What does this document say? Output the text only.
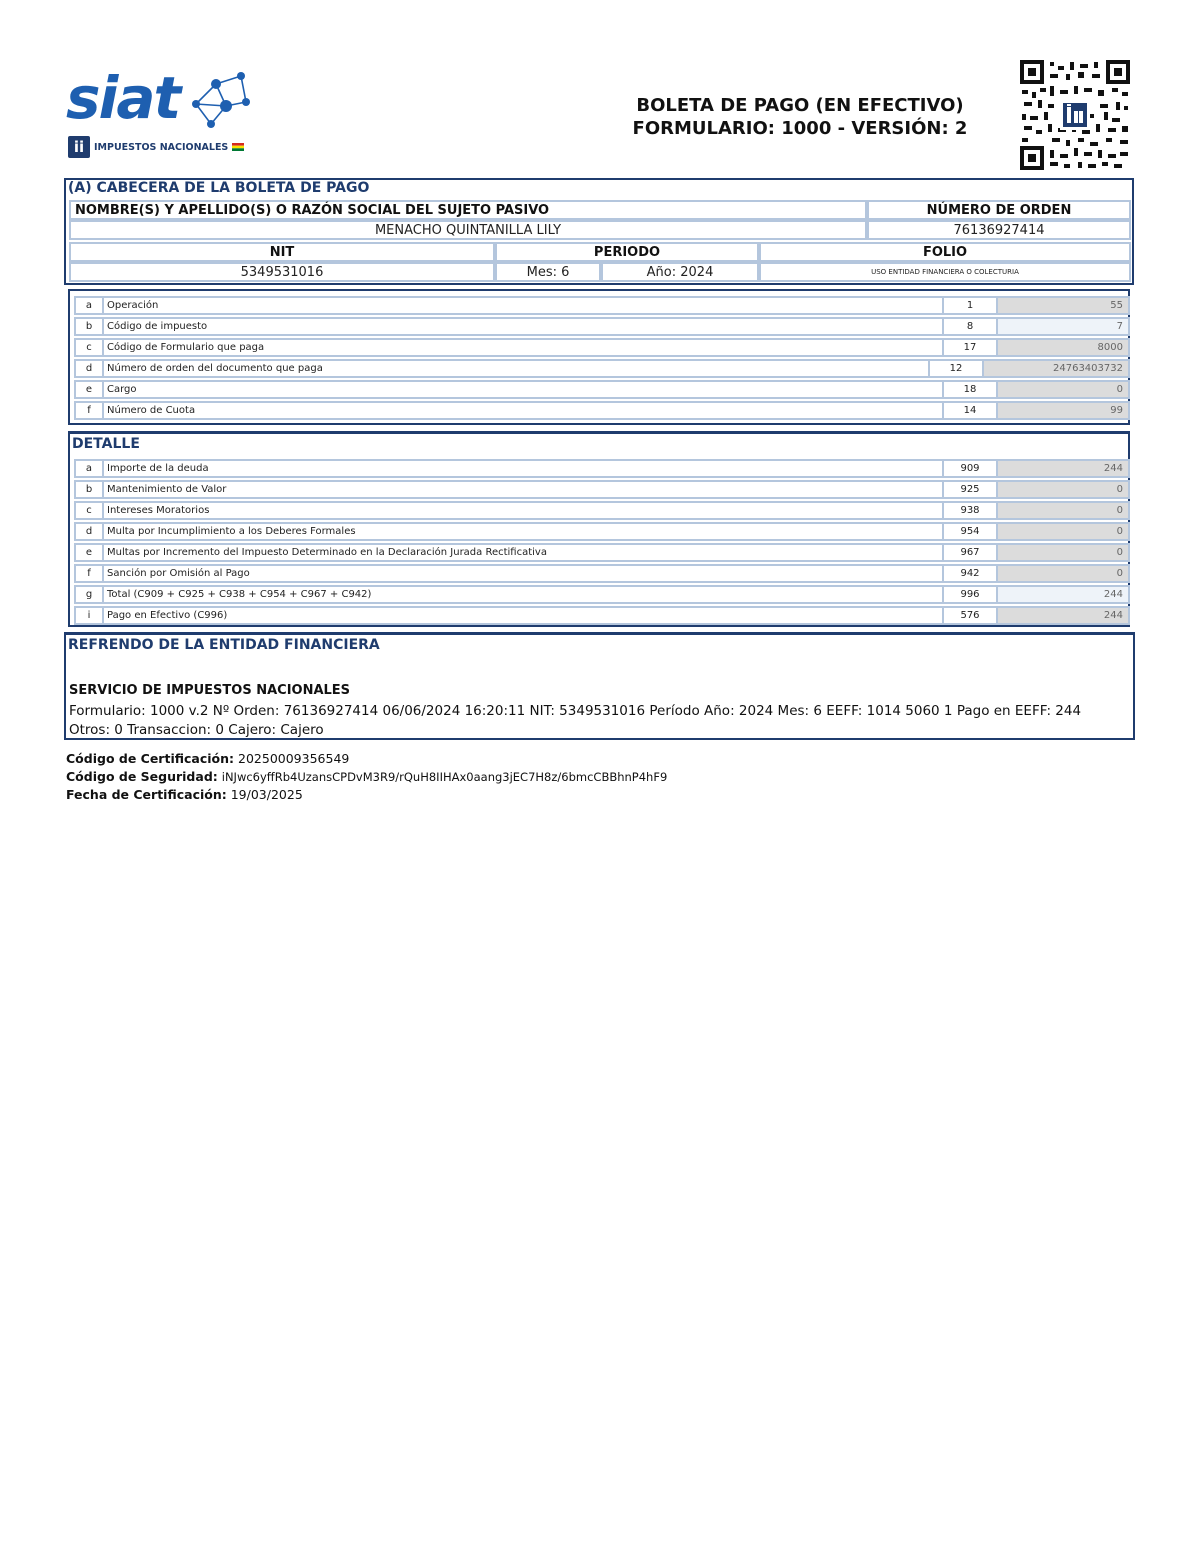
siat
ii	IMPUESTOS NACIONALES
BOLETA DE PAGO (EN EFECTIVO)
FORMULARIO: 1000 - VERSIÓN: 2
(A) CABECERA DE LA BOLETA DE PAGO
NOMBRE(S) Y APELLIDO(S) O RAZÓN SOCIAL DEL SUJETO PASIVO	NÚMERO DE ORDEN
MENACHO QUINTANILLA LILY	76136927414
NIT	PERIODO	FOLIO
5349531016	Mes: 6	Año: 2024	USO ENTIDAD FINANCIERA O COLECTURIA
a	Operación	1	55
b	Código de impuesto	8	7
c	Código de Formulario que paga	17	8000
d	Número de orden del documento que paga	12	24763403732
e	Cargo	18	0
f	Número de Cuota	14	99
DETALLE
a	Importe de la deuda	909	244
b	Mantenimiento de Valor	925	0
c	Intereses Moratorios	938	0
d	Multa por Incumplimiento a los Deberes Formales	954	0
e	Multas por Incremento del Impuesto Determinado en la Declaración Jurada Rectificativa	967	0
f	Sanción por Omisión al Pago	942	0
g	Total (C909 + C925 + C938 + C954 + C967 + C942)	996	244
i	Pago en Efectivo (C996)	576	244
REFRENDO DE LA ENTIDAD FINANCIERA
SERVICIO DE IMPUESTOS NACIONALES
Formulario: 1000 v.2 Nº Orden: 76136927414 06/06/2024 16:20:11 NIT: 5349531016 Período Año: 2024 Mes: 6 EEFF: 1014 5060 1 Pago en EEFF: 244 Otros: 0 Transaccion: 0 Cajero: Cajero
Código de Certificación: 20250009356549
Código de Seguridad: iNJwc6yffRb4UzansCPDvM3R9/rQuH8IIHAx0aang3jEC7H8z/6bmcCBBhnP4hF9
Fecha de Certificación: 19/03/2025
